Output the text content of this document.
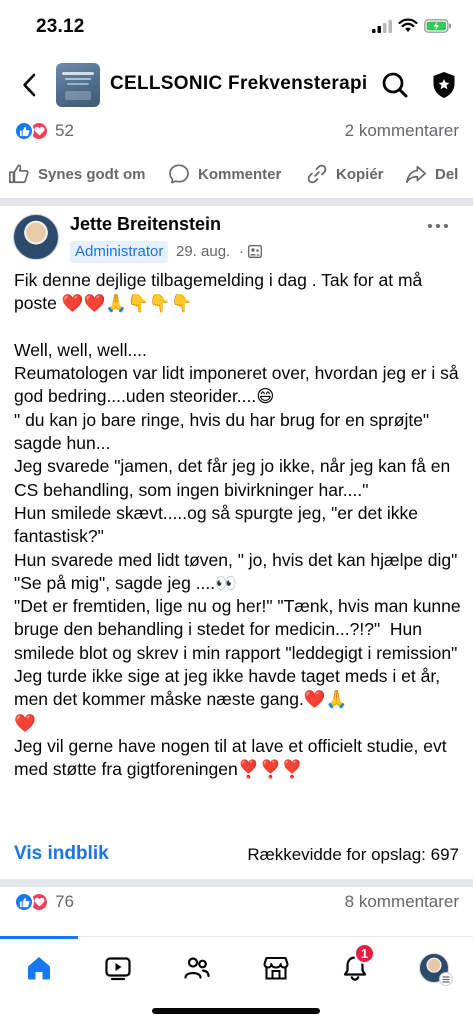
23.12
CELLSONIC Frekvensterapi
52	2 kommentarer
Synes godt om	Kommenter	Kopiér	Del
Jette Breitenstein
Administrator 29. aug. ·
Fik denne dejlige tilbagemelding i dag . Tak for at må poste ❤️❤️🙏👇👇👇

Well, well, well....
Reumatologen var lidt imponeret over, hvordan jeg er i så god bedring....uden steorider....😄
" du kan jo bare ringe, hvis du har brug for en sprøjte" sagde hun...
Jeg svarede "jamen, det får jeg jo ikke, når jeg kan få en CS behandling, som ingen bivirkninger har...."
Hun smilede skævt.....og så spurgte jeg, "er det ikke fantastisk?"
Hun svarede med lidt tøven, " jo, hvis det kan hjælpe dig"
"Se på mig", sagde jeg ....👀
"Det er fremtiden, lige nu og her!" "Tænk, hvis man kunne bruge den behandling i stedet for medicin...?!?"  Hun smilede blot og skrev i min rapport "leddegigt i remission"
Jeg turde ikke sige at jeg ikke havde taget meds i et år, men det kommer måske næste gang.❤️🙏
❤️
Jeg vil gerne have nogen til at lave et officielt studie, evt med støtte fra gigtforeningen❣️❣️❣️
Vis indblik	Rækkevidde for opslag: 697
76	8 kommentarer
1
